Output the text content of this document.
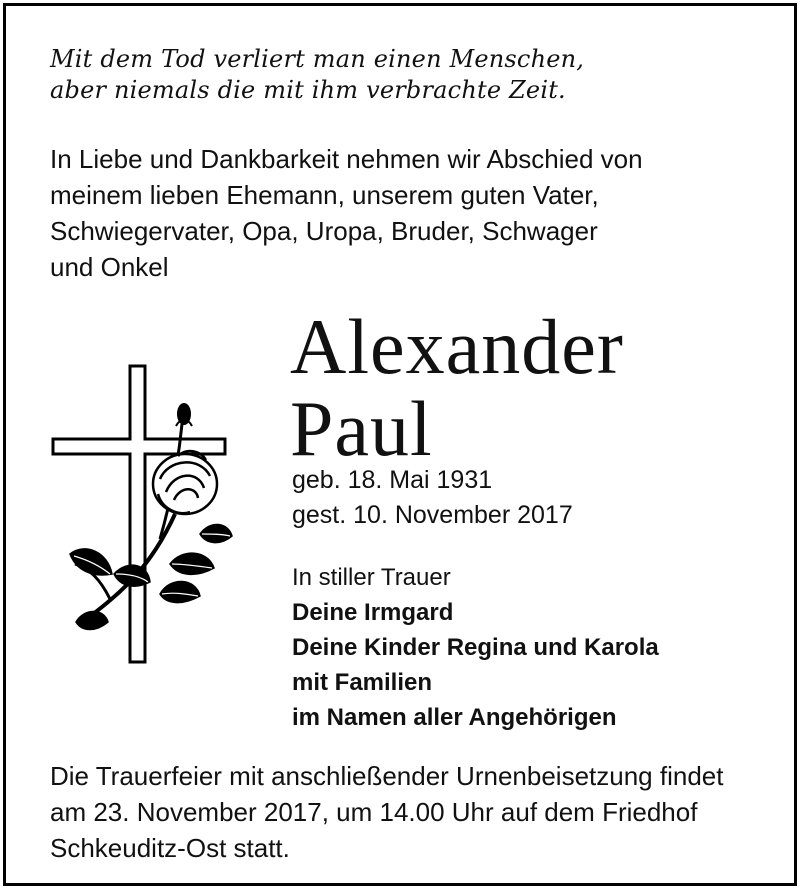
Mit dem Tod verliert man einen Menschen,
aber niemals die mit ihm verbrachte Zeit.
In Liebe und Dankbarkeit nehmen wir Abschied von
meinem lieben Ehemann, unserem guten Vater,
Schwiegervater, Opa, Uropa, Bruder, Schwager
und Onkel
Alexander
Paul
geb. 18. Mai 1931
gest. 10. November 2017
In stiller Trauer
Deine Irmgard
Deine Kinder Regina und Karola
mit Familien
im Namen aller Angehörigen
Die Trauerfeier mit anschließender Urnenbeisetzung findet
am 23. November 2017, um 14.00 Uhr auf dem Friedhof
Schkeuditz-Ost statt.
